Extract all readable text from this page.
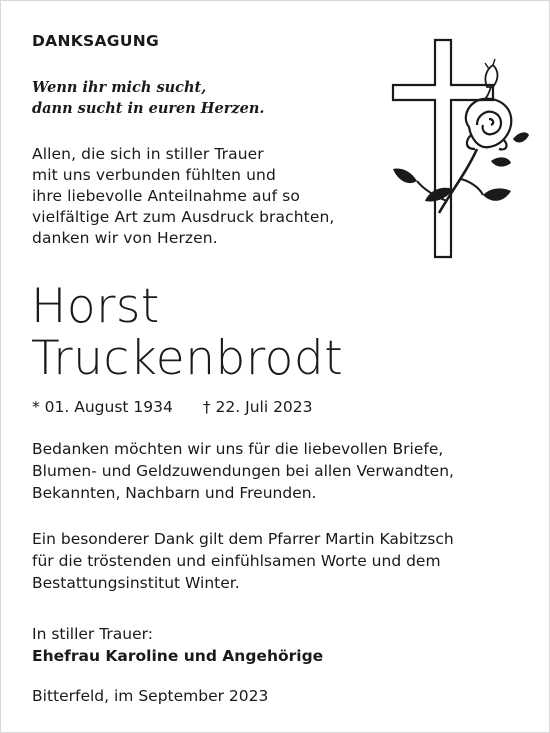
DANKSAGUNG
Wenn ihr mich sucht,
dann sucht in euren Herzen.
Allen, die sich in stiller Trauer
mit uns verbunden fühlten und
ihre liebevolle Anteilnahme auf so
vielfältige Art zum Ausdruck brachten,
danken wir von Herzen.
Horst
Truckenbrodt
* 01. August 1934 † 22. Juli 2023
Bedanken möchten wir uns für die liebevollen Briefe,
Blumen- und Geldzuwendungen bei allen Verwandten,
Bekannten, Nachbarn und Freunden.
Ein besonderer Dank gilt dem Pfarrer Martin Kabitzsch
für die tröstenden und einfühlsamen Worte und dem
Bestattungsinstitut Winter.
In stiller Trauer:
Ehefrau Karoline und Angehörige
Bitterfeld, im September 2023
